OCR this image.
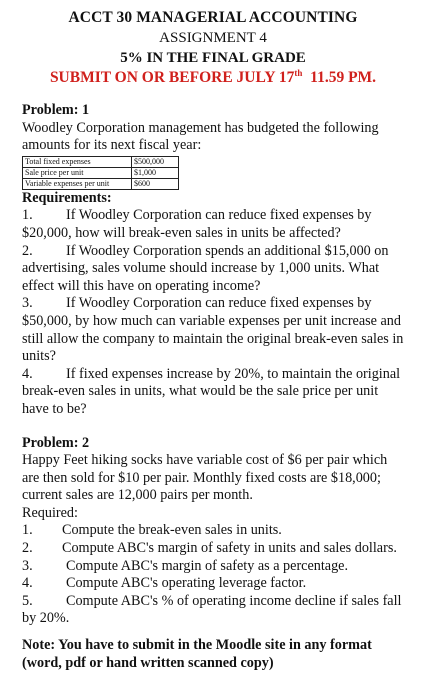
ACCT 30 MANAGERIAL ACCOUNTING
ASSIGNMENT 4
5% IN THE FINAL GRADE
SUBMIT ON OR BEFORE JULY 17th  11.59 PM.
Problem: 1
Woodley Corporation management has budgeted the following amounts for its next fiscal year:
Total fixed expenses	$500,000
Sale price per unit	$1,000
Variable expenses per unit	$600
Requirements:
1. If Woodley Corporation can reduce fixed expenses by $20,000, how will break-even sales in units be affected?
2. If Woodley Corporation spends an additional $15,000 on advertising, sales volume should increase by 1,000 units. What effect will this have on operating income?
3. If Woodley Corporation can reduce fixed expenses by $50,000, by how much can variable expenses per unit increase and still allow the company to maintain the original break-even sales in units?
4. If fixed expenses increase by 20%, to maintain the original break-even sales in units, what would be the sale price per unit have to be?
Problem: 2
Happy Feet hiking socks have variable cost of $6 per pair which are then sold for $10 per pair. Monthly fixed costs are $18,000; current sales are 12,000 pairs per month.
Required:
1. Compute the break-even sales in units.
2. Compute ABC's margin of safety in units and sales dollars.
3. Compute ABC's margin of safety as a percentage.
4. Compute ABC's operating leverage factor.
5. Compute ABC's % of operating income decline if sales fall by 20%.
Note: You have to submit in the Moodle site in any format (word, pdf or hand written scanned copy)
